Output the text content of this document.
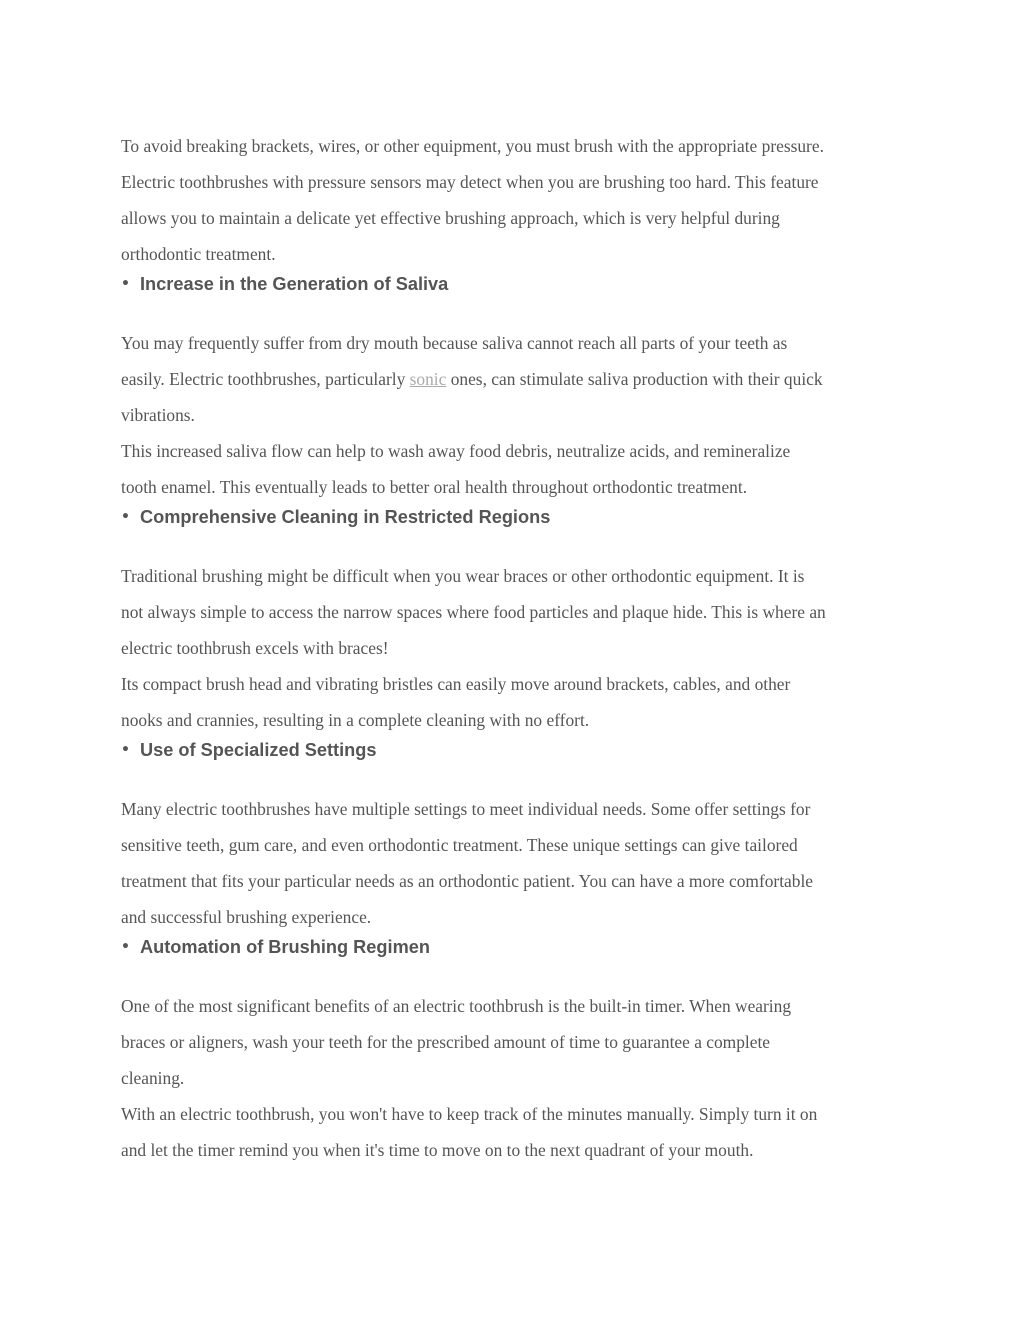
To avoid breaking brackets, wires, or other equipment, you must brush with the appropriate pressure.
Electric toothbrushes with pressure sensors may detect when you are brushing too hard. This feature
allows you to maintain a delicate yet effective brushing approach, which is very helpful during
orthodontic treatment.

• Increase in the Generation of Saliva

You may frequently suffer from dry mouth because saliva cannot reach all parts of your teeth as
easily. Electric toothbrushes, particularly sonic ones, can stimulate saliva production with their quick
vibrations.

This increased saliva flow can help to wash away food debris, neutralize acids, and remineralize
tooth enamel. This eventually leads to better oral health throughout orthodontic treatment.

• Comprehensive Cleaning in Restricted Regions

Traditional brushing might be difficult when you wear braces or other orthodontic equipment. It is
not always simple to access the narrow spaces where food particles and plaque hide. This is where an
electric toothbrush excels with braces!

Its compact brush head and vibrating bristles can easily move around brackets, cables, and other
nooks and crannies, resulting in a complete cleaning with no effort.

• Use of Specialized Settings

Many electric toothbrushes have multiple settings to meet individual needs. Some offer settings for
sensitive teeth, gum care, and even orthodontic treatment. These unique settings can give tailored
treatment that fits your particular needs as an orthodontic patient. You can have a more comfortable
and successful brushing experience.

• Automation of Brushing Regimen

One of the most significant benefits of an electric toothbrush is the built-in timer. When wearing
braces or aligners, wash your teeth for the prescribed amount of time to guarantee a complete
cleaning.

With an electric toothbrush, you won't have to keep track of the minutes manually. Simply turn it on
and let the timer remind you when it's time to move on to the next quadrant of your mouth.
